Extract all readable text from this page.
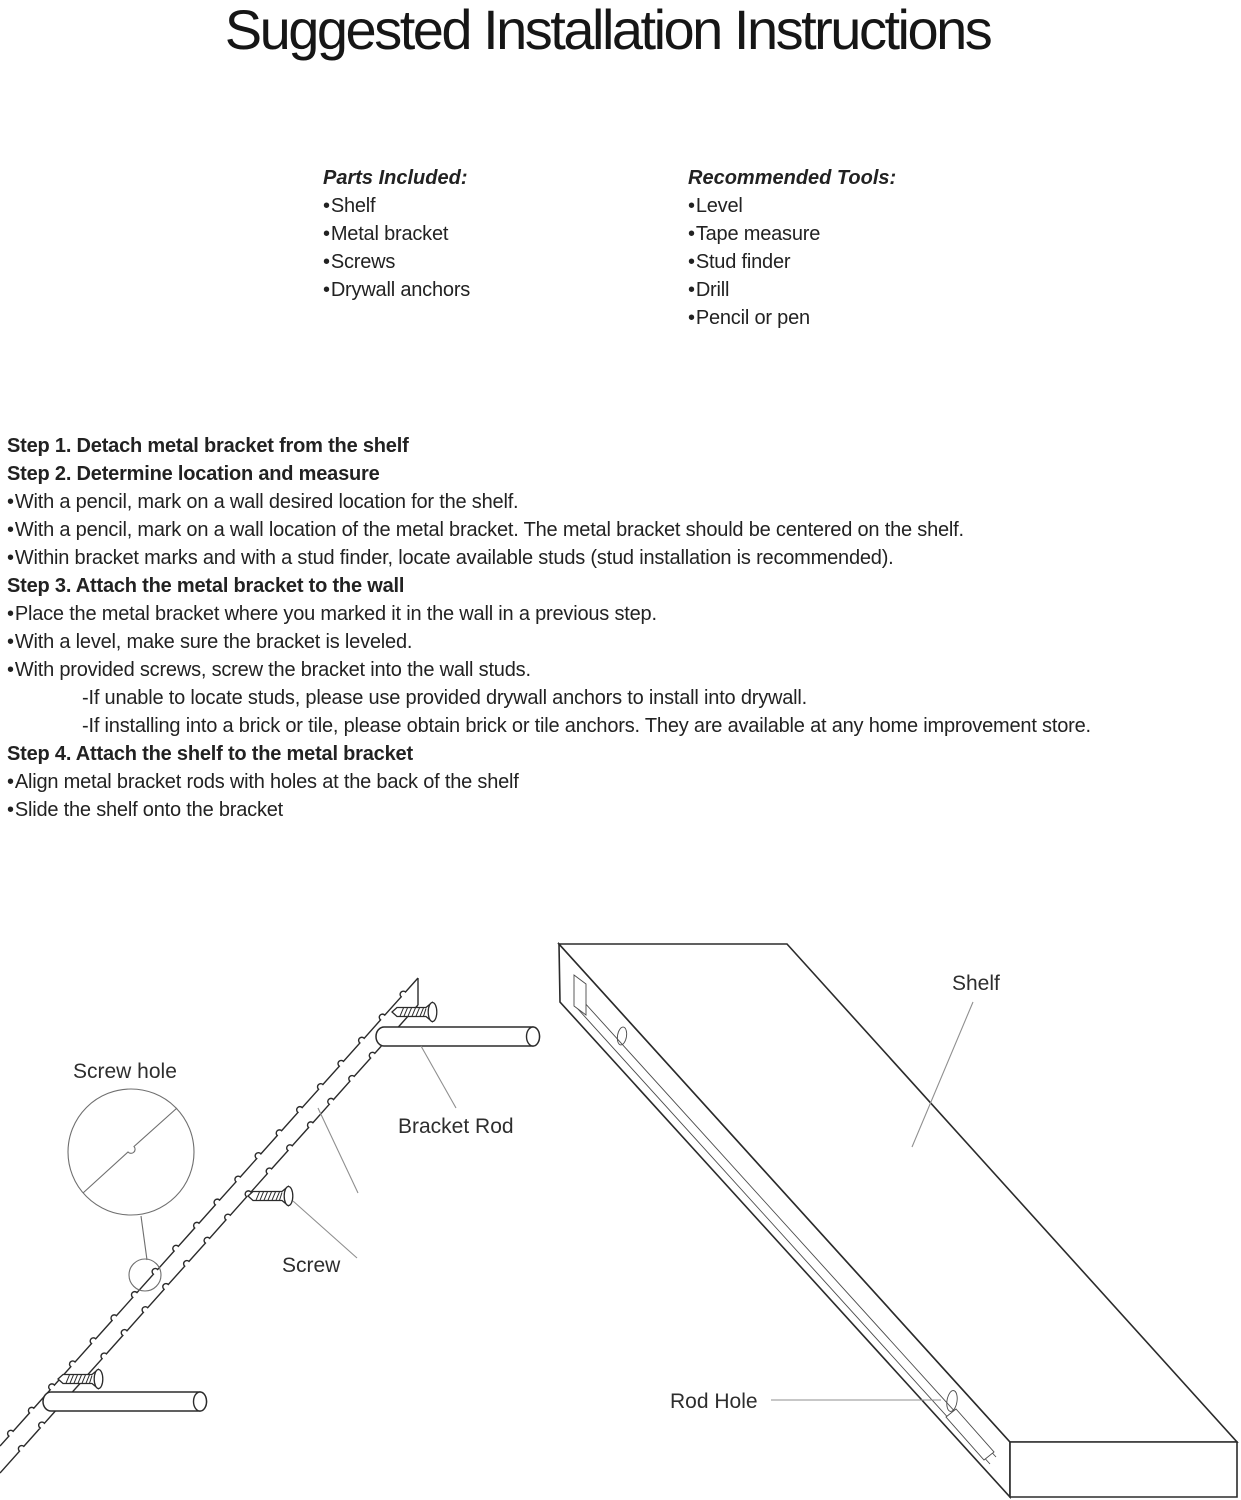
Suggested Installation Instructions
Parts Included:
•Shelf
•Metal bracket
•Screws
•Drywall anchors
Recommended Tools:
•Level
•Tape measure
•Stud finder
•Drill
•Pencil or pen
Step 1. Detach metal bracket from the shelf
Step 2. Determine location and measure
•With a pencil, mark on a wall desired location for the shelf.
•With a pencil, mark on a wall location of the metal bracket. The metal bracket should be centered on the shelf.
•Within bracket marks and with a stud finder, locate available studs (stud installation is recommended).
Step 3. Attach the metal bracket to the wall
•Place the metal bracket where you marked it in the wall in a previous step.
•With a level, make sure the bracket is leveled.
•With provided screws, screw the bracket into the wall studs.
-If unable to locate studs, please use provided drywall anchors to install into drywall.
-If installing into a brick or tile, please obtain brick or tile anchors. They are available at any home improvement store.
Step 4. Attach the shelf to the metal bracket
•Align metal bracket rods with holes at the back of the shelf
•Slide the shelf onto the bracket
Screw hole
Bracket Rod
Screw
Shelf
Rod Hole
